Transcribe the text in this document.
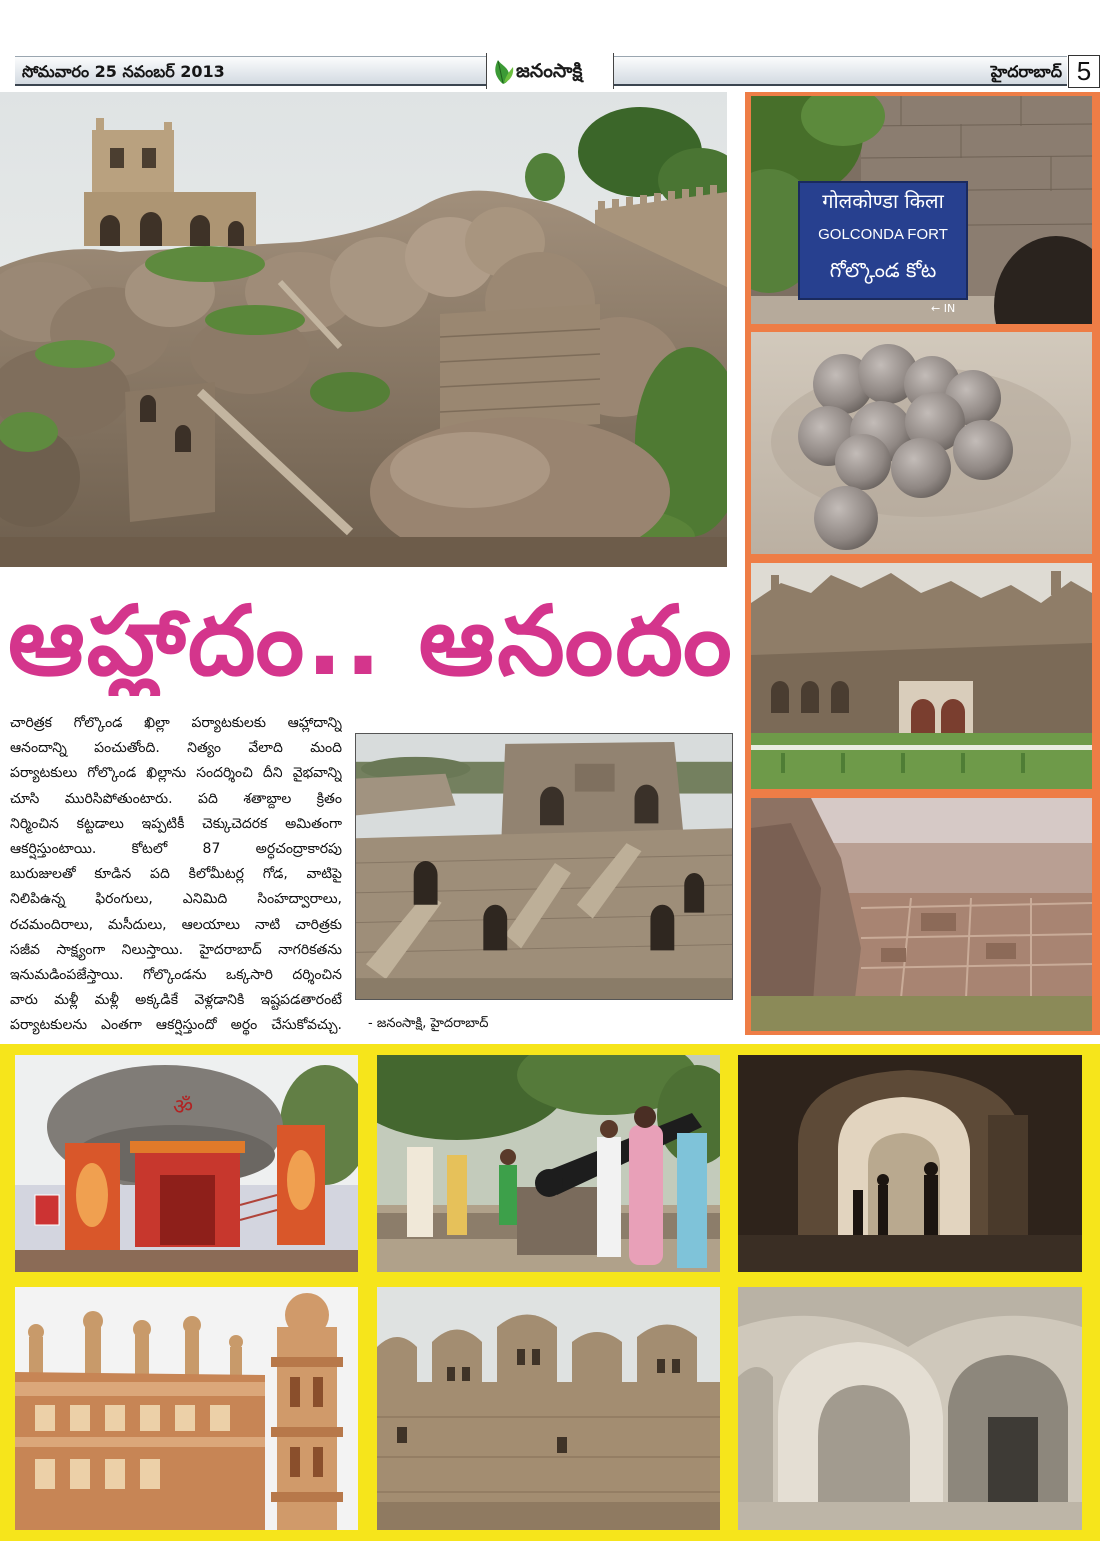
సోమవారం 25 నవంబర్ 2013	జనంసాక్షి	హైదరాబాద్ 5
गोलकोण्डा किला
GOLCONDA FORT
గోల్కొండ కోట
← IN
ఆహ్లాదం.. ఆనందం
చారిత్రక గోల్కొండ ఖిల్లా పర్యాటకులకు ఆహ్లాదాన్ని
ఆనందాన్ని పంచుతోంది. నిత్యం వేలాది మంది
పర్యాటకులు గోల్కొండ ఖిల్లాను సందర్శించి దీని వైభవాన్ని
చూసి మురిసిపోతుంటారు. పది శతాబ్దాల క్రితం
నిర్మించిన కట్టడాలు ఇప్పటికీ చెక్కుచెదరక అమితంగా
ఆకర్షిస్తుంటాయి. కోటలో 87 అర్ధచంద్రాకారపు
బురుజులతో కూడిన పది కిలోమీటర్ల గోడ, వాటిపై
నిలిపిఉన్న ఫిరంగులు, ఎనిమిది సింహద్వారాలు,
రచమందిరాలు, మసీదులు, ఆలయాలు నాటి చారిత్రకు
సజీవ సాక్ష్యంగా నిలుస్తాయి. హైదరాబాద్ నాగరికతను
ఇనుమడింపజేస్తాయి. గోల్కొండను ఒక్కసారి దర్శించిన
వారు మళ్లీ మళ్లీ అక్కడికే వెళ్లడానికి ఇష్టపడతారంటే
పర్యాటకులను ఎంతగా ఆకర్షిస్తుందో అర్థం చేసుకోవచ్చు. - జనంసాక్షి, హైదరాబాద్
ॐ
